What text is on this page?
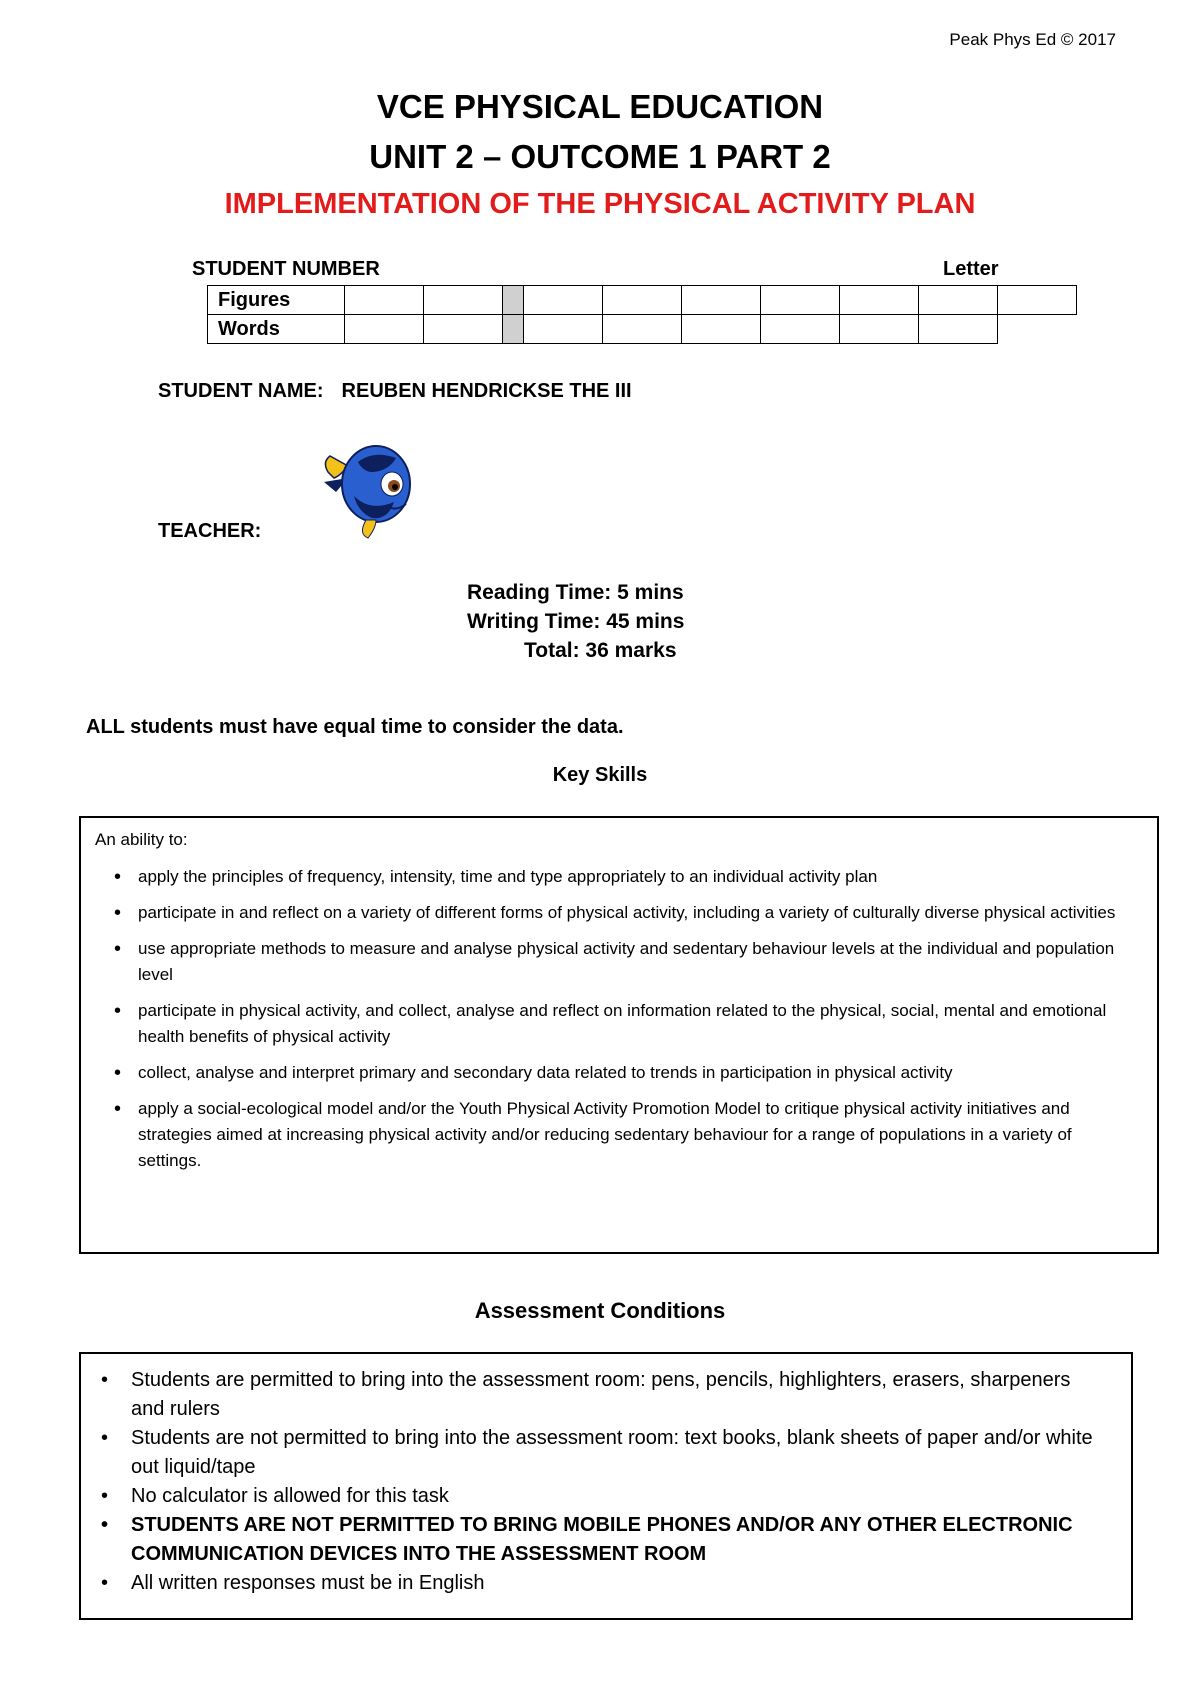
Peak Phys Ed © 2017
VCE PHYSICAL EDUCATION
UNIT 2 – OUTCOME 1 PART 2
IMPLEMENTATION OF THE PHYSICAL ACTIVITY PLAN
STUDENT NUMBER	Letter
Figures										
Words										
STUDENT NAME: REUBEN HENDRICKSE THE III
TEACHER:
Reading Time: 5 mins
Writing Time: 45 mins
Total: 36 marks
ALL students must have equal time to consider the data.
Key Skills
An ability to:
• apply the principles of frequency, intensity, time and type appropriately to an individual activity plan
• participate in and reflect on a variety of different forms of physical activity, including a variety of culturally diverse physical activities
• use appropriate methods to measure and analyse physical activity and sedentary behaviour levels at the individual and population level
• participate in physical activity, and collect, analyse and reflect on information related to the physical, social, mental and emotional health benefits of physical activity
• collect, analyse and interpret primary and secondary data related to trends in participation in physical activity
• apply a social-ecological model and/or the Youth Physical Activity Promotion Model to critique physical activity initiatives and strategies aimed at increasing physical activity and/or reducing sedentary behaviour for a range of populations in a variety of settings.
Assessment Conditions
• Students are permitted to bring into the assessment room: pens, pencils, highlighters, erasers, sharpeners and rulers
• Students are not permitted to bring into the assessment room: text books, blank sheets of paper and/or white out liquid/tape
• No calculator is allowed for this task
• STUDENTS ARE NOT PERMITTED TO BRING MOBILE PHONES AND/OR ANY OTHER ELECTRONIC COMMUNICATION DEVICES INTO THE ASSESSMENT ROOM
• All written responses must be in English
